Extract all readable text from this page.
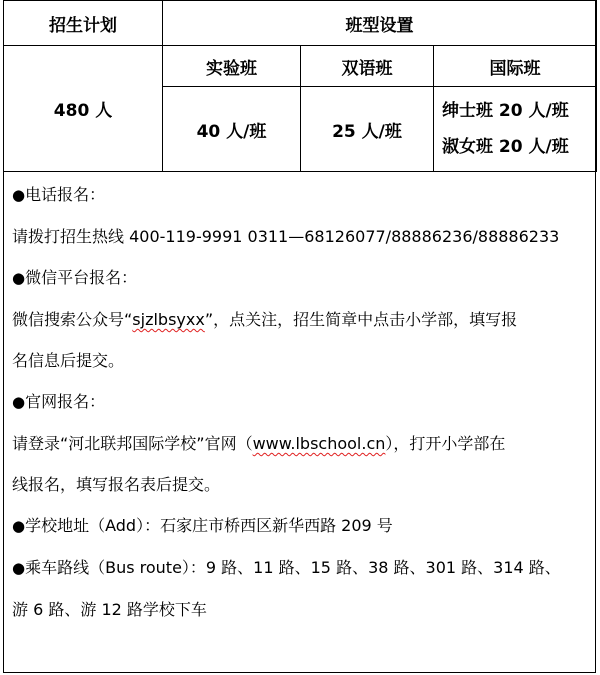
招生计划	班型设置		
480 人	实验班	双语班	国际班
	40 人/班	25 人/班	绅士班 20 人/班
淑女班 20 人/班

●电话报名：

请拨打招生热线 400-119-9991 0311—68126077/88886236/88886233

●微信平台报名：

微信搜索公众号“sjzlbsyxx”，点关注，招生简章中点击小学部，填写报

名信息后提交。

●官网报名：

请登录“河北联邦国际学校”官网（www.lbschool.cn），打开小学部在

线报名，填写报名表后提交。

●学校地址（Add）：石家庄市桥西区新华西路 209 号

●乘车路线（Bus route）：9 路、11 路、15 路、38 路、301 路、314 路、

游 6 路、游 12 路学校下车
